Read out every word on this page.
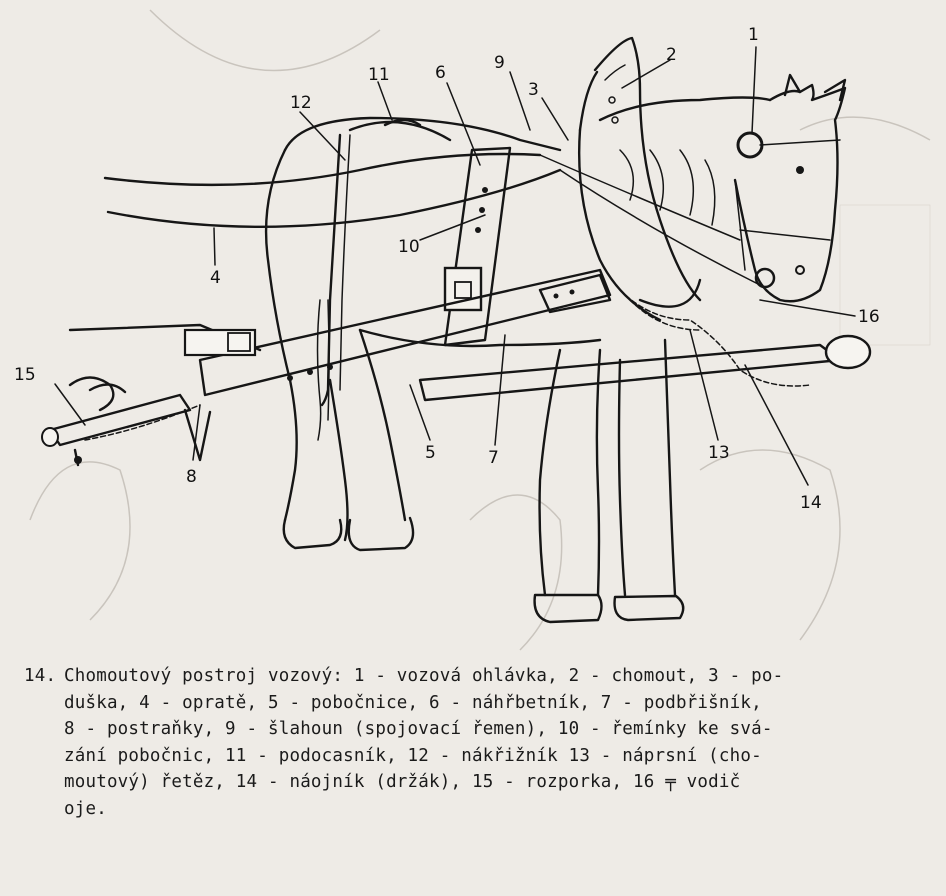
1
2
3
4
5
6
7
8
9
10
11
12
13
14
15
16
14. Chomoutový postroj vozový: 1 - vozová ohlávka, 2 - chomout, 3 - po-
duška, 4 - opratě, 5 - pobočnice, 6 - náhřbetník, 7 - podbřišník,
8 - postraňky, 9 - šlahoun (spojovací řemen), 10 - řemínky ke svá-
zání pobočnic, 11 - podocasník, 12 - nákřižník 13 - náprsní (cho-
moutový) řetěz, 14 - náojník (držák), 15 - rozporka, 16 ╤ vodič
oje.
